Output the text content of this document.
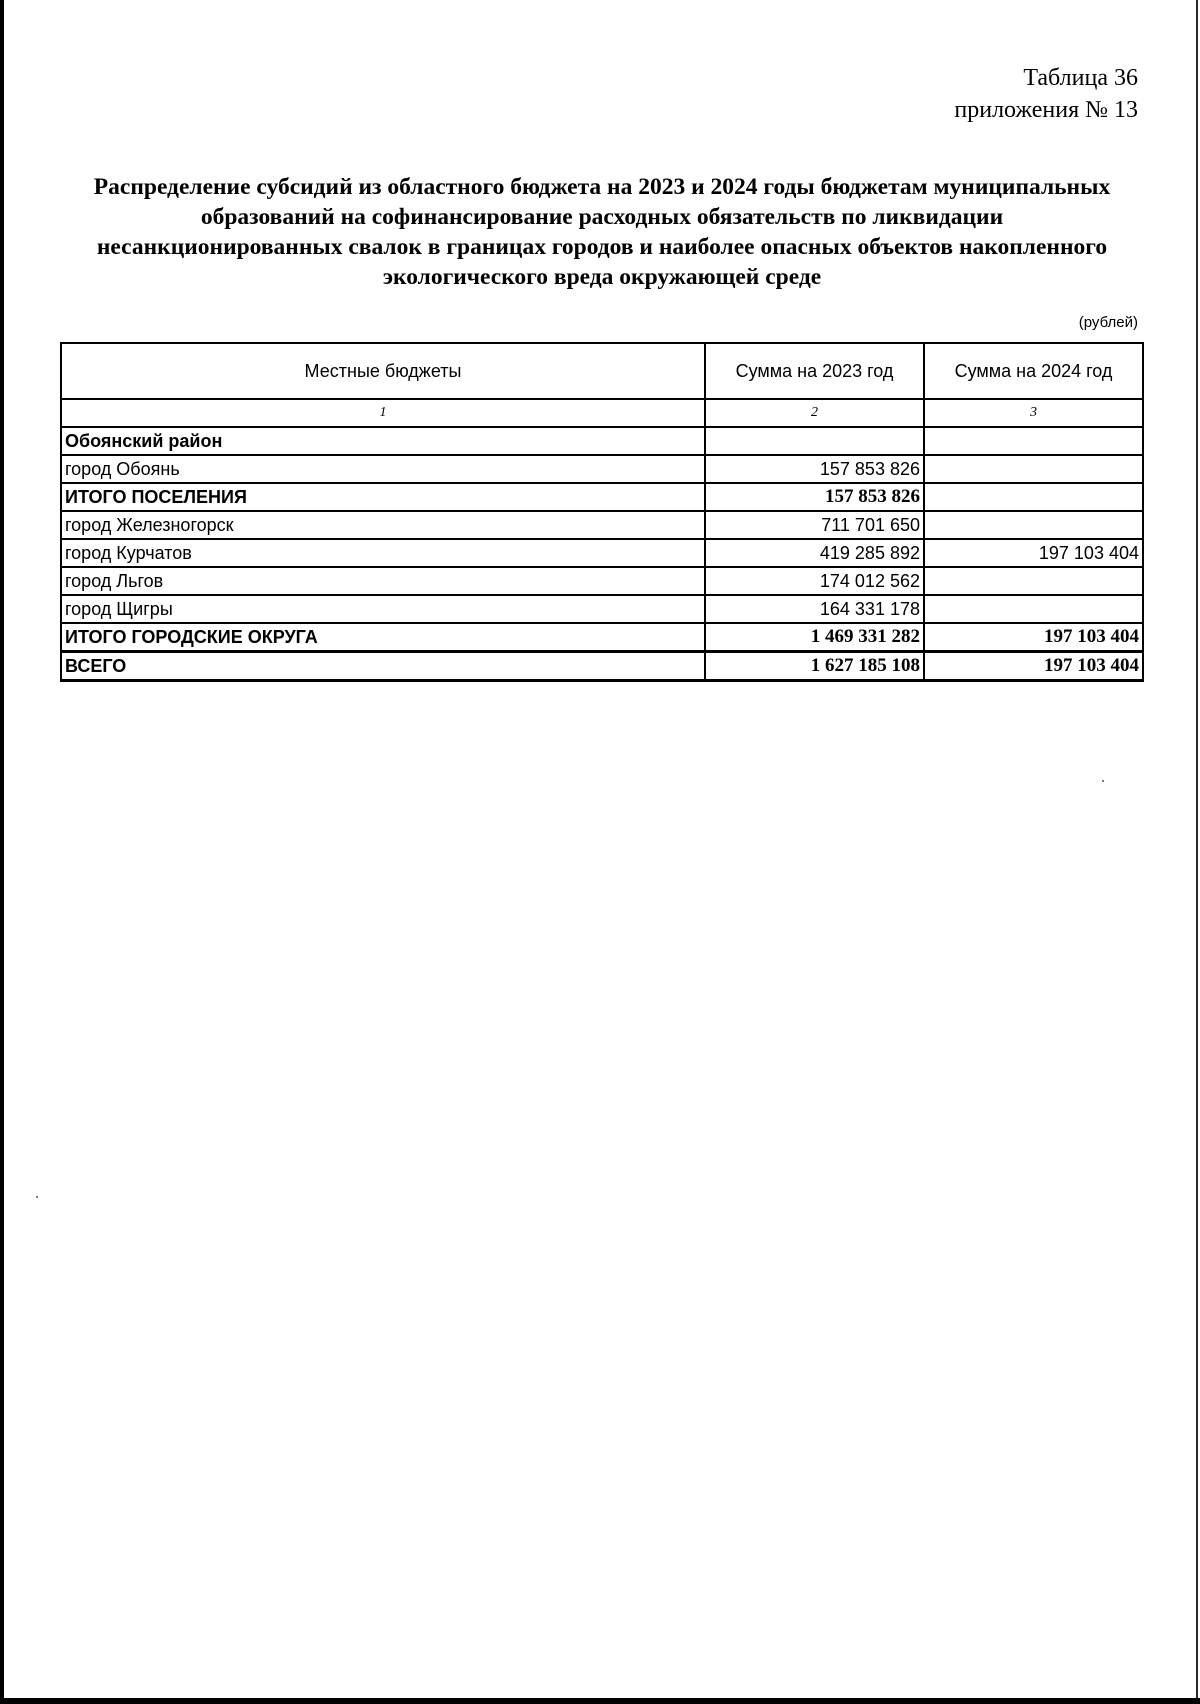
Таблица 36
приложения № 13
Распределение субсидий из областного бюджета на 2023 и 2024 годы бюджетам муниципальных
образований на софинансирование расходных обязательств по ликвидации
несанкционированных свалок в границах городов и наиболее опасных объектов накопленного
экологического вреда окружающей среде
(рублей)
Местные бюджеты	Сумма на 2023 год	Сумма на 2024 год
1	2	3
Обоянский район		
город Обоянь	157 853 826	
ИТОГО ПОСЕЛЕНИЯ	157 853 826	
город Железногорск	711 701 650	
город Курчатов	419 285 892	197 103 404
город Льгов	174 012 562	
город Щигры	164 331 178	
ИТОГО ГОРОДСКИЕ ОКРУГА	1 469 331 282	197 103 404
ВСЕГО	1 627 185 108	197 103 404
